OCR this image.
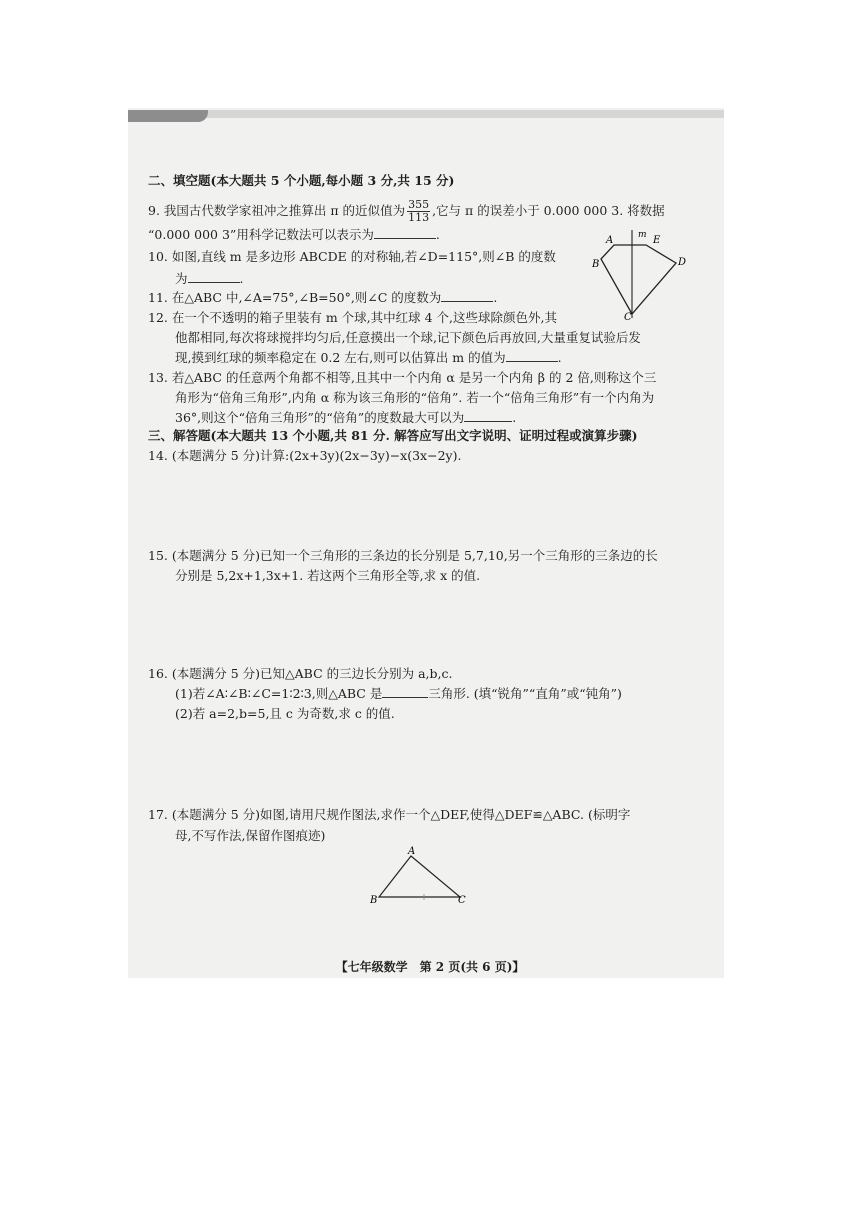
二、填空题(本大题共 5 个小题,每小题 3 分,共 15 分)
9. 我国古代数学家祖冲之推算出 π 的近似值为 $\frac{355}{113}$ ,它与 π 的误差小于 0.000 000 3. 将数据
“0.000 000 3”用科学记数法可以表示为	.
10. 如图,直线 m 是多边形 ABCDE 的对称轴,若∠D=115°,则∠B 的度数
为	.
A
B
C
D
E
m
11. 在△ABC 中,∠A=75°,∠B=50°,则∠C 的度数为	.
12. 在一个不透明的箱子里装有 m 个球,其中红球 4 个,这些球除颜色外,其
他都相同,每次将球搅拌均匀后,任意摸出一个球,记下颜色后再放回,大量重复试验后发
现,摸到红球的频率稳定在 0.2 左右,则可以估算出 m 的值为	.
13. 若△ABC 的任意两个角都不相等,且其中一个内角 α 是另一个内角 β 的 2 倍,则称这个三
角形为“倍角三角形”,内角 α 称为该三角形的“倍角”. 若一个“倍角三角形”有一个内角为
36°,则这个“倍角三角形”的“倍角”的度数最大可以为	.
三、解答题(本大题共 13 个小题,共 81 分. 解答应写出文字说明、证明过程或演算步骤)
14. (本题满分 5 分)计算:(2x+3y)(2x−3y)−x(3x−2y).
15. (本题满分 5 分)已知一个三角形的三条边的长分别是 5,7,10,另一个三角形的三条边的长
分别是 5,2x+1,3x+1. 若这两个三角形全等,求 x 的值.
16. (本题满分 5 分)已知△ABC 的三边长分别为 a,b,c.
(1)若∠A∶∠B∶∠C=1∶2∶3,则△ABC 是	三角形. (填“锐角”“直角”或“钝角”)
(2)若 a=2,b=5,且 c 为奇数,求 c 的值.
17. (本题满分 5 分)如图,请用尺规作图法,求作一个△DEF,使得△DEF≌△ABC. (标明字
母,不写作法,保留作图痕迹)
A
B	C
【七年级数学　第 2 页(共 6 页)】
